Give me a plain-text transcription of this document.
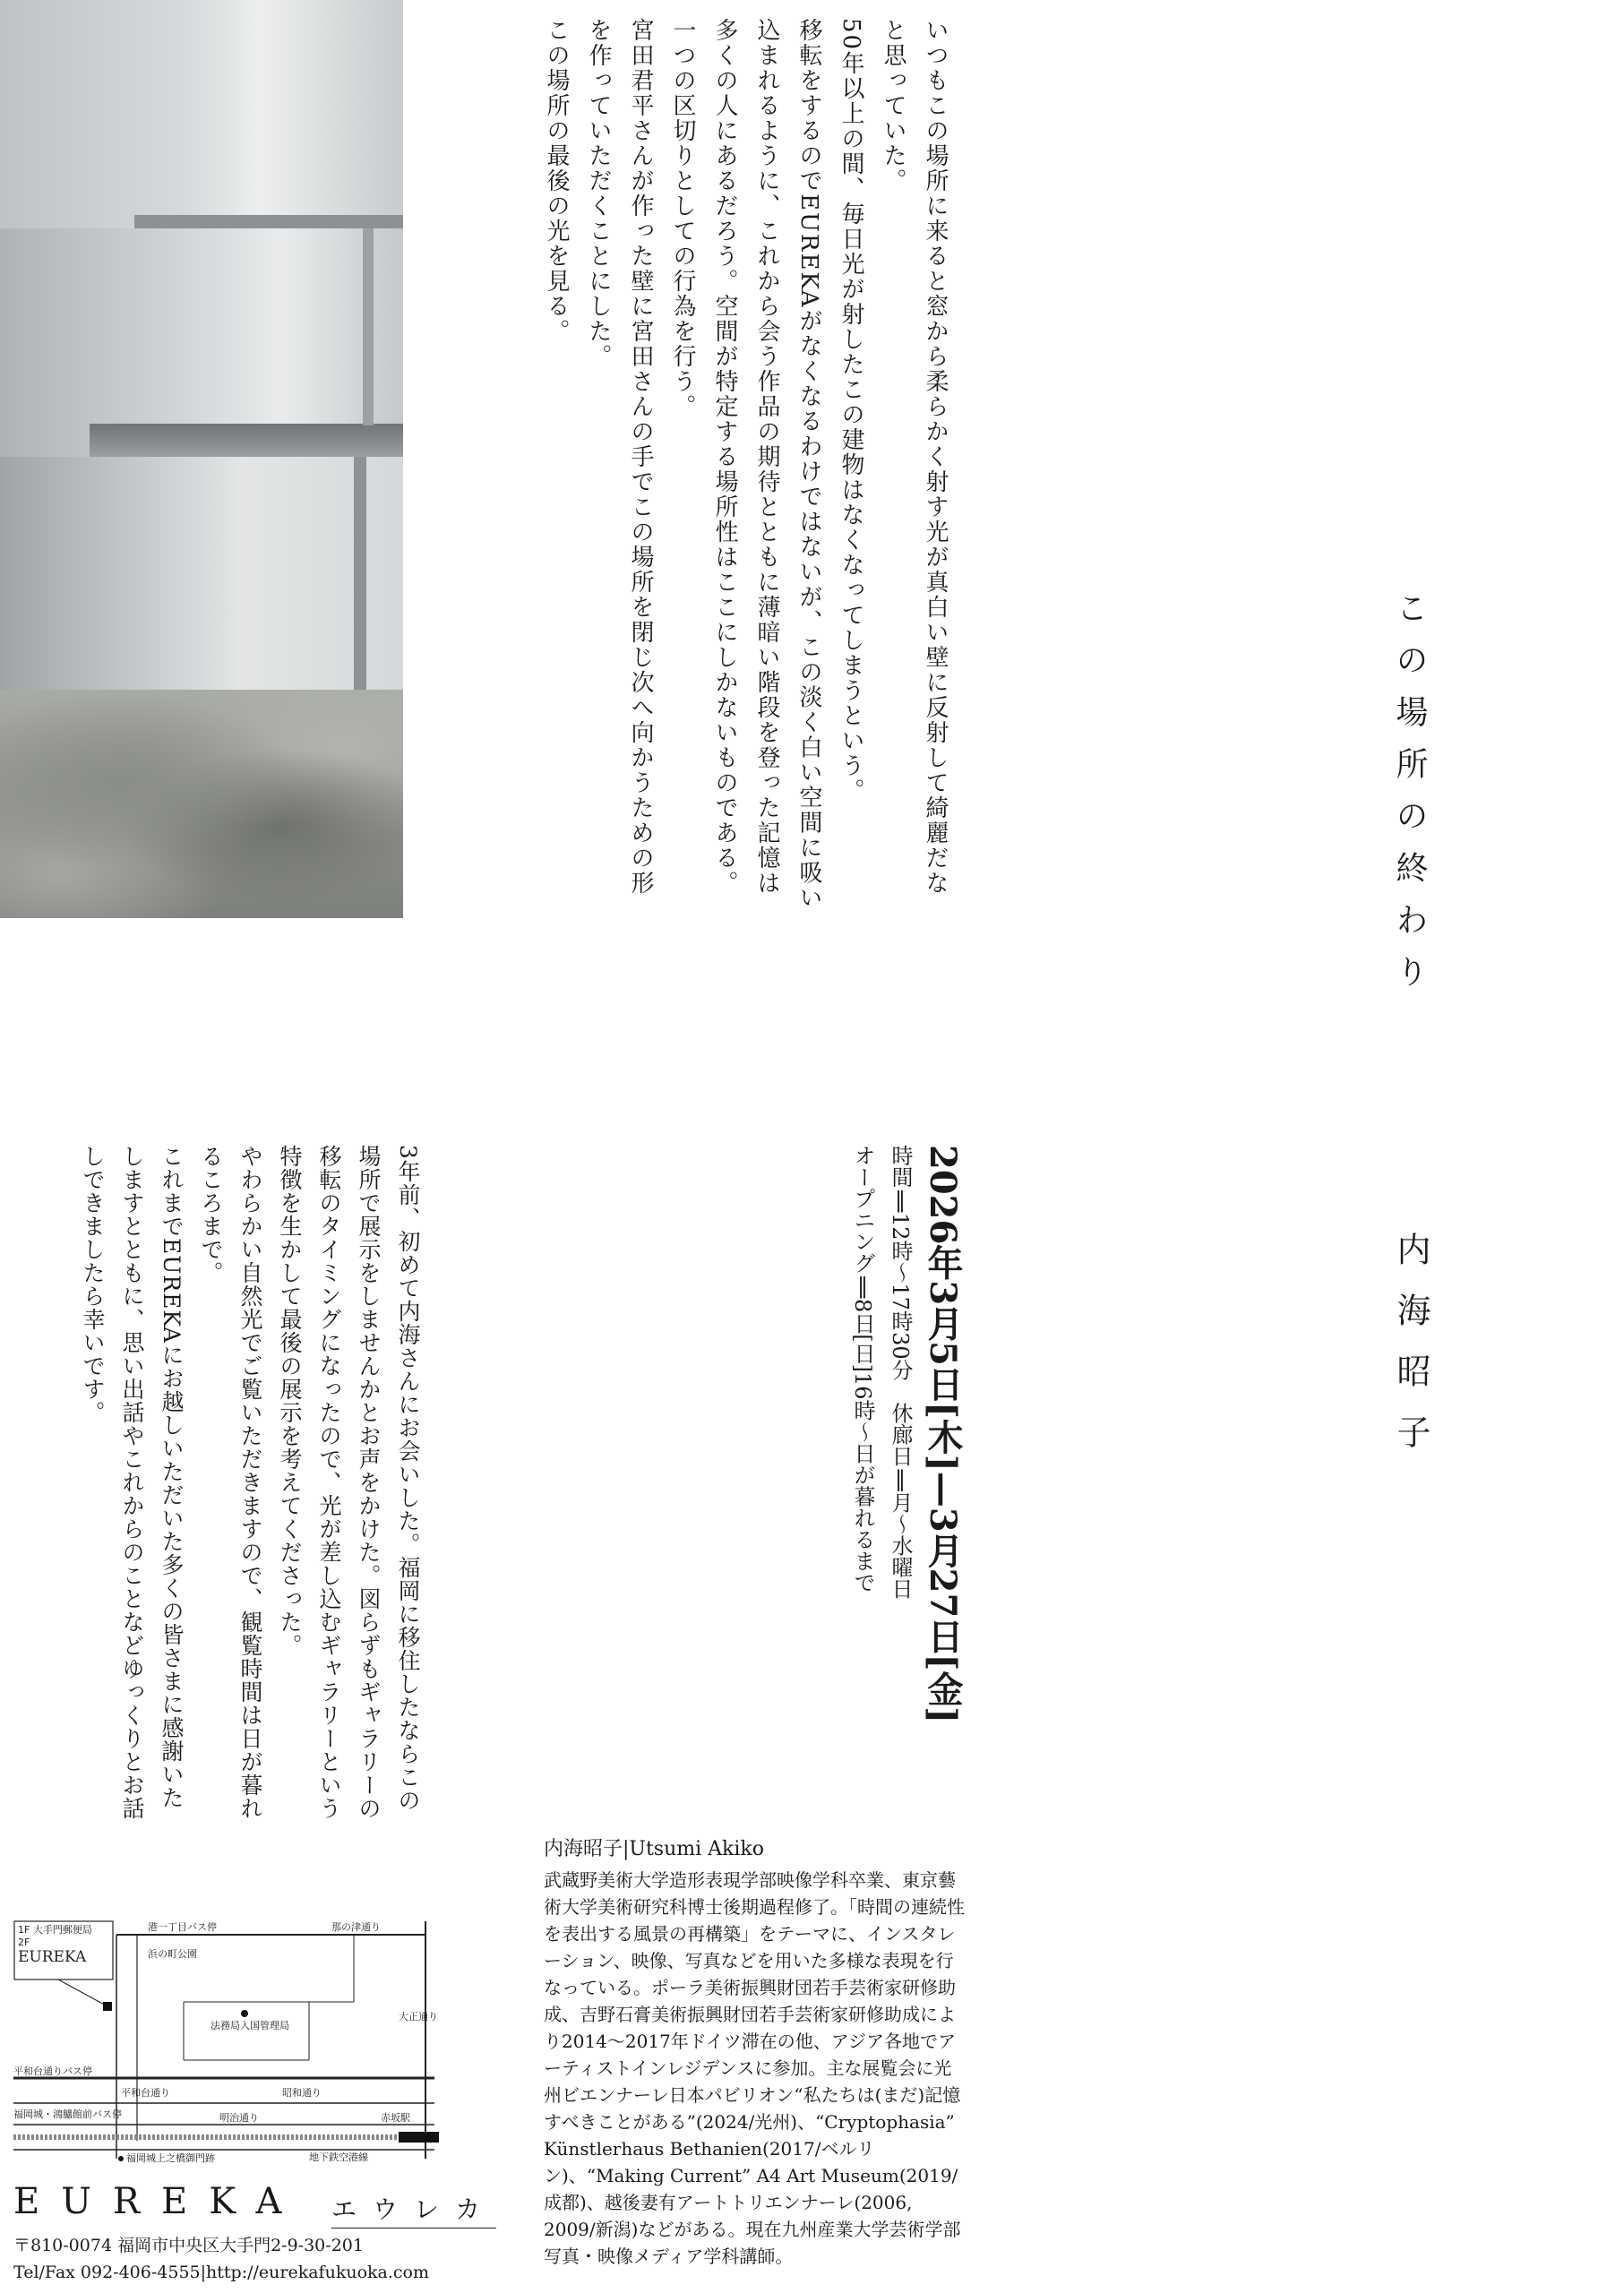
いつもこの場所に来ると窓から柔らかく射す光が真白い壁に反射して綺麗だな

と思っていた。

50年以上の間、毎日光が射したこの建物はなくなってしまうという。

移転をするのでEUREKAがなくなるわけではないが、この淡く白い空間に吸い

込まれるように、これから会う作品の期待とともに薄暗い階段を登った記憶は

多くの人にあるだろう。空間が特定する場所性はここにしかないものである。

一つの区切りとしての行為を行う。

宮田君平さんが作った壁に宮田さんの手でこの場所を閉じ次へ向かうための形

を作っていただくことにした。

この場所の最後の光を見る。

この場所の終わり
内海昭子
2026年3月5日[木]—3月27日[金]
時間‖12時〜17時30分　休廊日‖月〜水曜日
オープニング‖8日[日]16時〜日が暮れるまで

3年前、初めて内海さんにお会いした。福岡に移住したならこの

場所で展示をしませんかとお声をかけた。図らずもギャラリーの

移転のタイミングになったので、光が差し込むギャラリーという

特徴を生かして最後の展示を考えてくださった。

やわらかい自然光でご覧いただきますので、観覧時間は日が暮れ

るころまで。

これまでEUREKAにお越しいただいた多くの皆さまに感謝いた

しますとともに、思い出話やこれからのことなどゆっくりとお話

しできましたら幸いです。

内海昭子|Utsumi Akiko
武蔵野美術大学造形表現学部映像学科卒業、東京藝術大学美術研究科博士後期過程修了。「時間の連続性を表出する風景の再構築」をテーマに、インスタレーション、映像、写真などを用いた多様な表現を行なっている。ポーラ美術振興財団若手芸術家研修助成、吉野石膏美術振興財団若手芸術家研修助成により2014〜2017年ドイツ滞在の他、アジア各地でアーティストインレジデンスに参加。主な展覧会に光州ビエンナーレ日本パビリオン“私たちは(まだ)記憶すべきことがある”(2024/光州)、“Cryptophasia” Künstlerhaus Bethanien(2017/ベルリン)、“Making Current” A4 Art Museum(2019/成都)、越後妻有アートトリエンナーレ(2006, 2009/新潟)などがある。現在九州産業大学芸術学部写真・映像メディア学科講師。
1F 大手門郵便局
2F
EUREKA
港一丁目バス停	那の津通り
浜の町公園
法務局入国管理局
大正通り
平和台通りバス停
平和台通り	昭和通り
福岡城・鴻臚館前バス停	明治通り	赤坂駅
福岡城上之橋御門跡	地下鉄空港線
EUREKA エウレカ
〒810-0074 福岡市中央区大手門2-9-30-201
Tel/Fax 092-406-4555|http://eurekafukuoka.com
